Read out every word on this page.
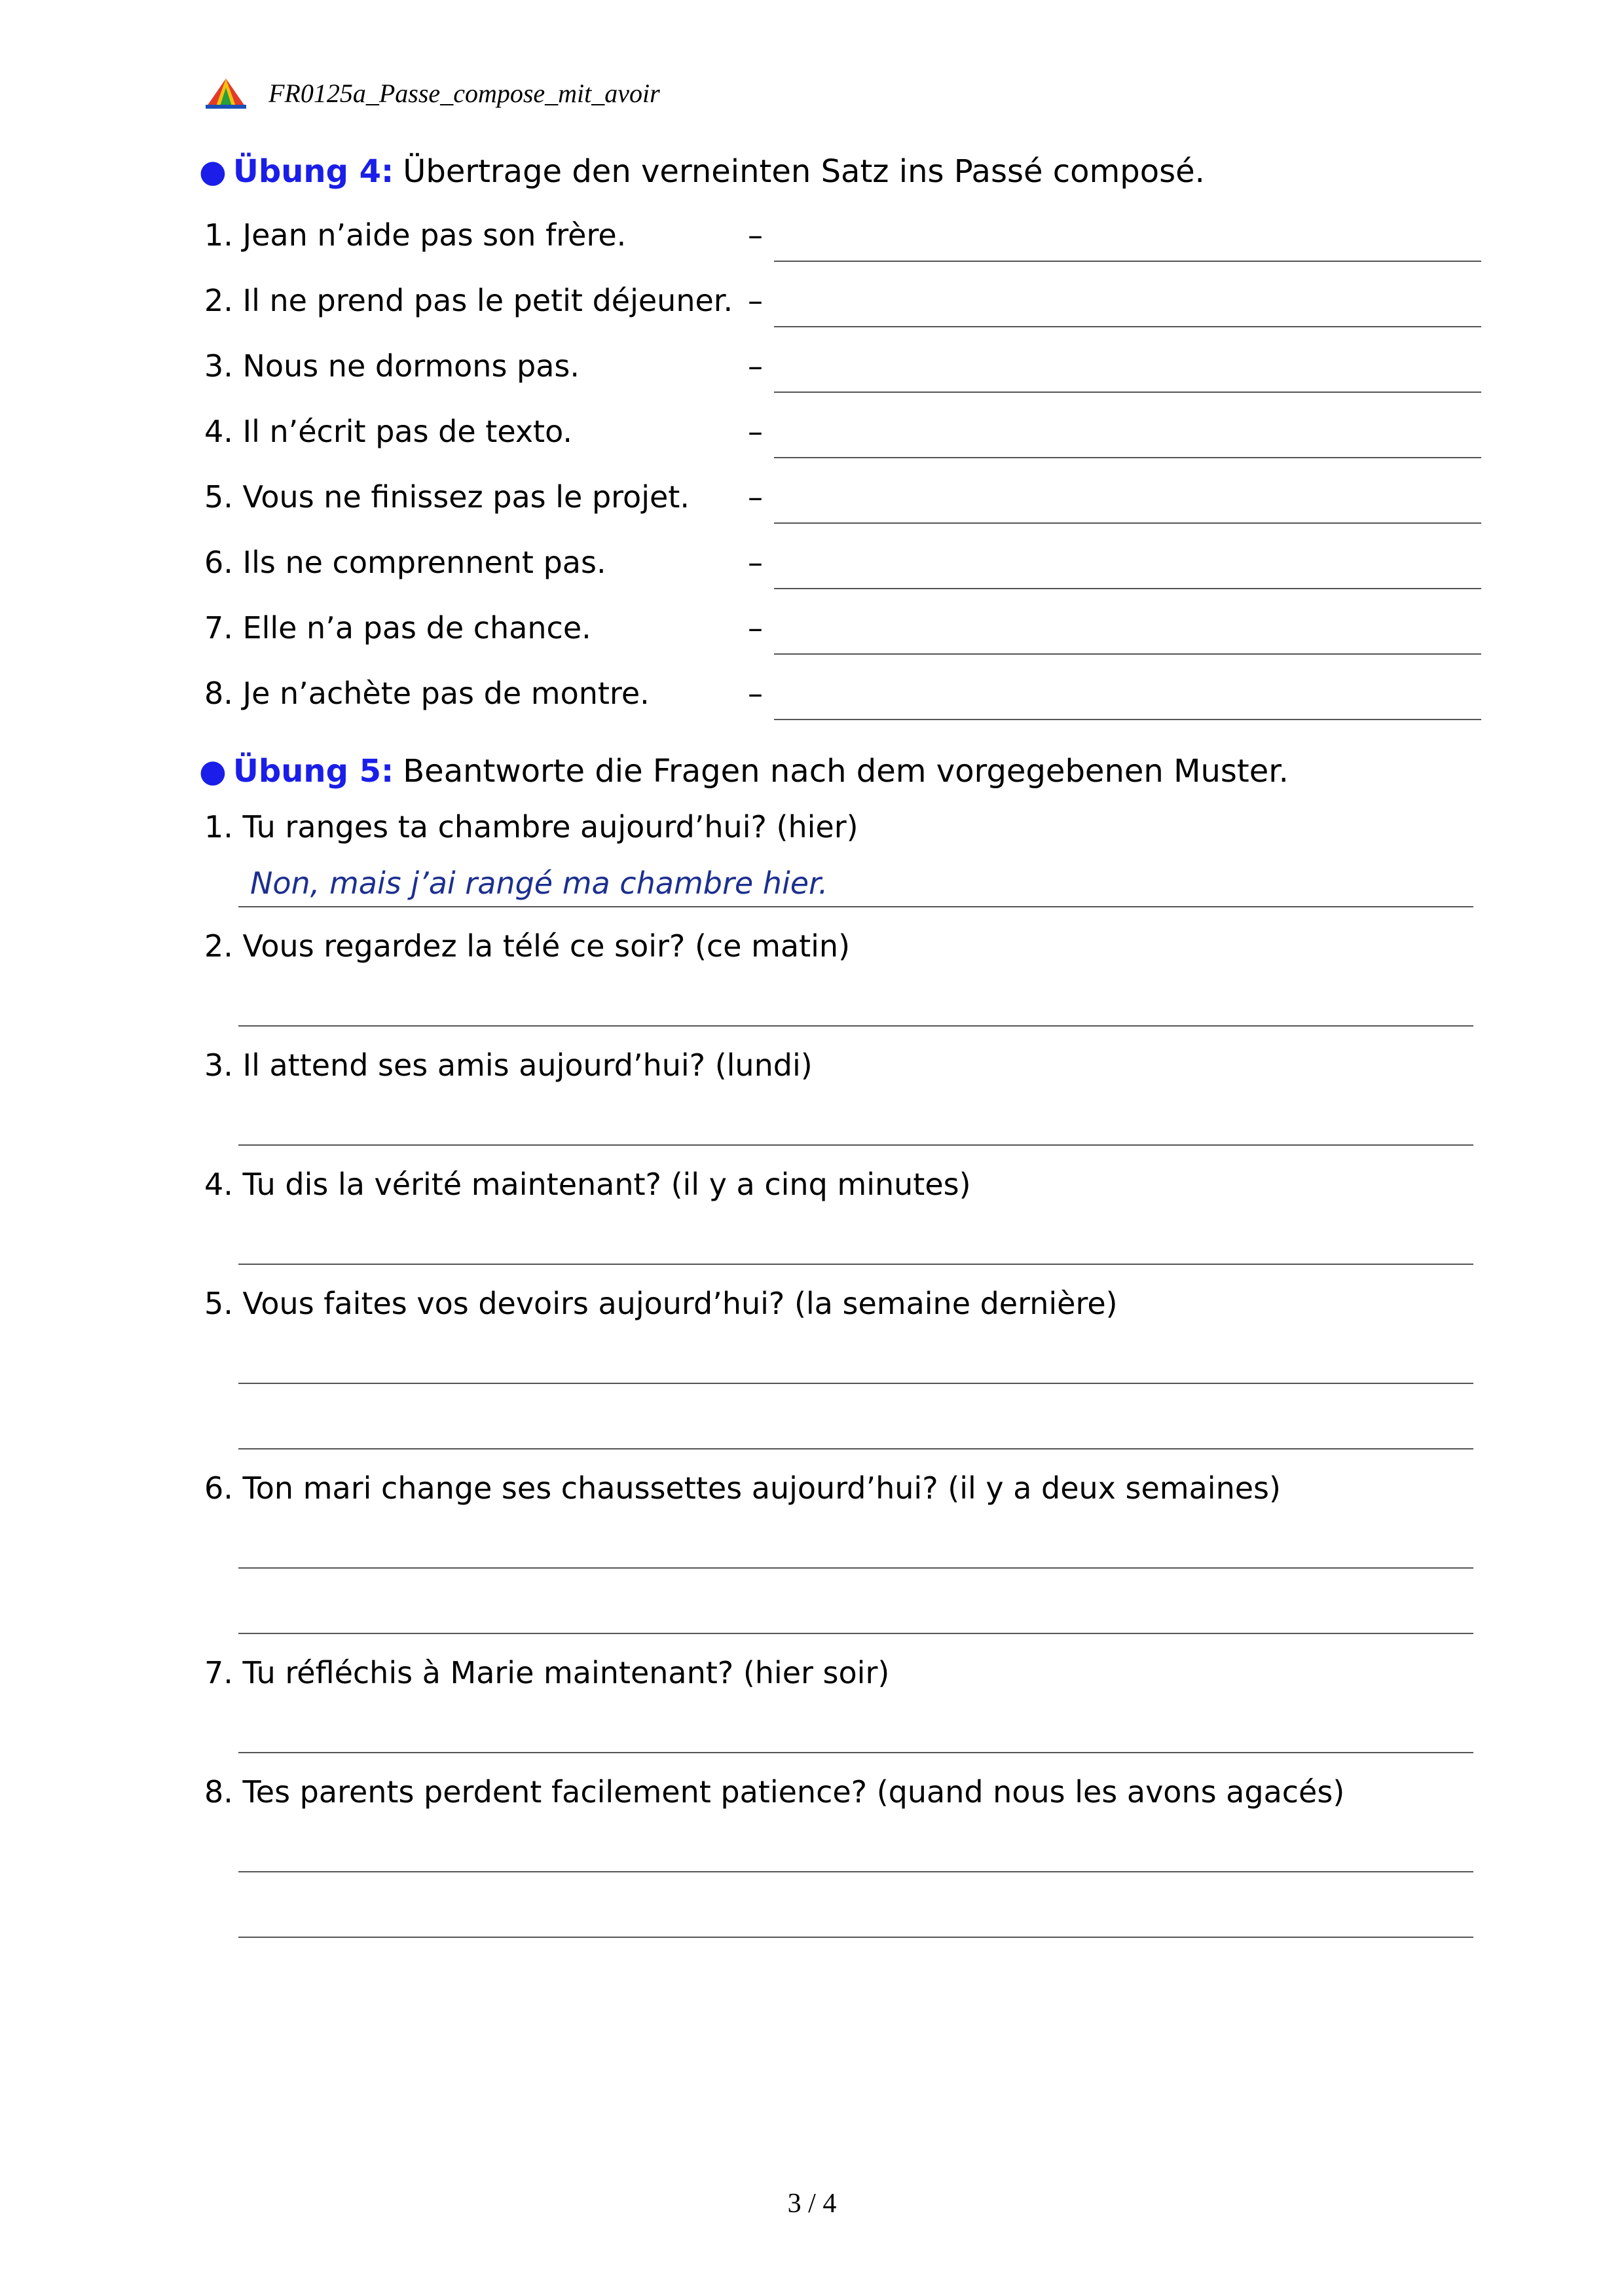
FR0125a_Passe_compose_mit_avoir
● Übung 4: Übertrage den verneinten Satz ins Passé composé.
1. Jean n’aide pas son frère.	–
2. Il ne prend pas le petit déjeuner. –
3. Nous ne dormons pas.	–
4. Il n’écrit pas de texto.	–
5. Vous ne finissez pas le projet. –
6. Ils ne comprennent pas.	–
7. Elle n’a pas de chance.	–
8. Je n’achète pas de montre.	–
● Übung 5: Beantworte die Fragen nach dem vorgegebenen Muster.
1. Tu ranges ta chambre aujourd’hui? (hier)
Non, mais j’ai rangé ma chambre hier.
2. Vous regardez la télé ce soir? (ce matin)
3. Il attend ses amis aujourd’hui? (lundi)
4. Tu dis la vérité maintenant? (il y a cinq minutes)
5. Vous faites vos devoirs aujourd’hui? (la semaine dernière)
6. Ton mari change ses chaussettes aujourd’hui? (il y a deux semaines)
7. Tu réfléchis à Marie maintenant? (hier soir)
8. Tes parents perdent facilement patience? (quand nous les avons agacés)
3 / 4
